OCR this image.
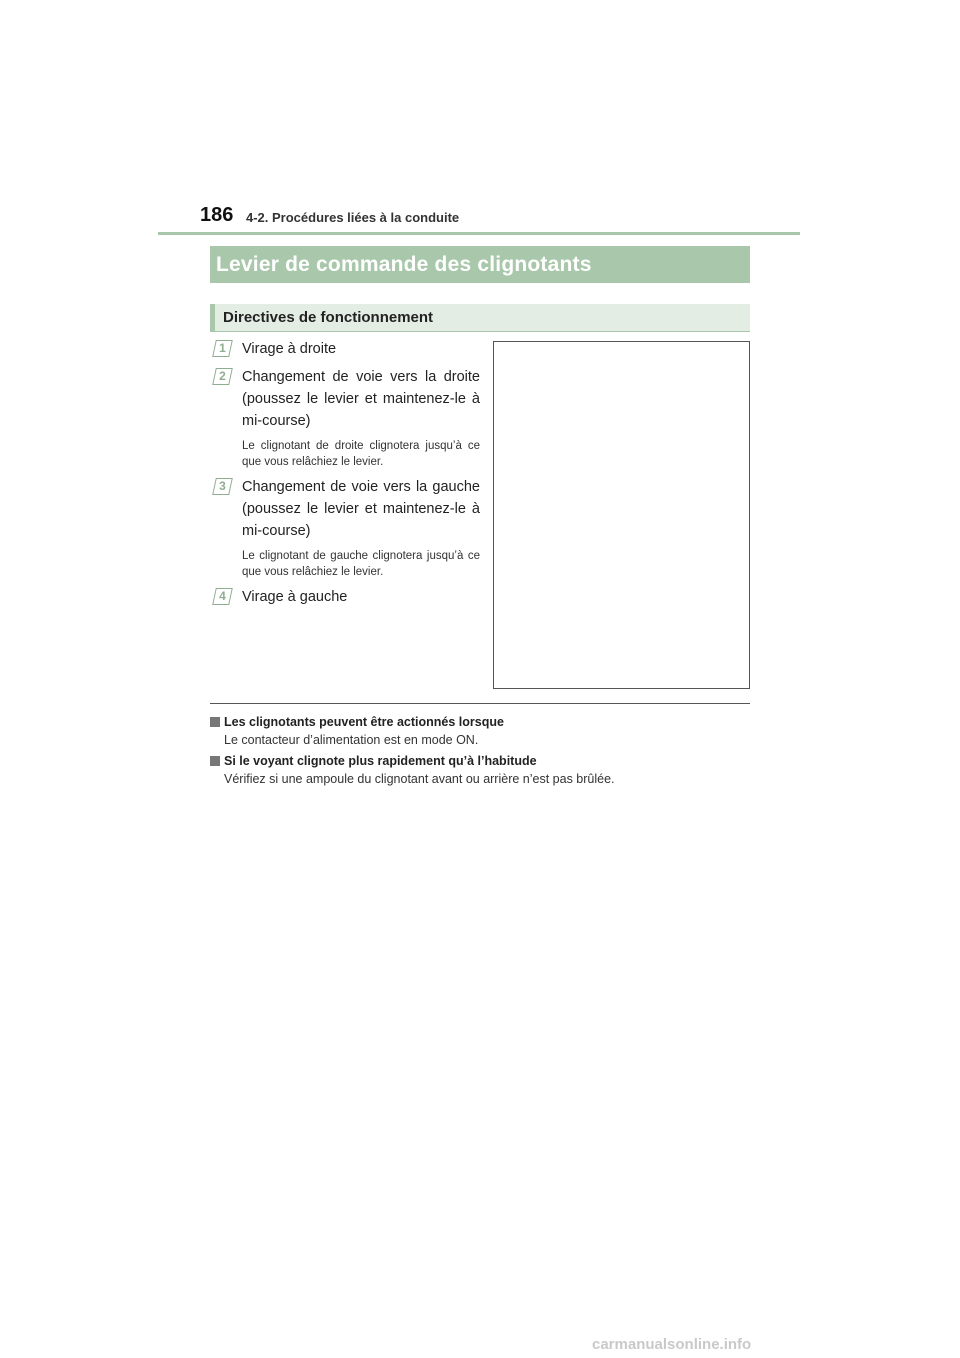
186 4-2. Procédures liées à la conduite
Levier de commande des clignotants
Directives de fonctionnement
1	Virage à droite
2	Changement de voie vers la droite (poussez le levier et maintenez-le à mi-course)
Le clignotant de droite clignotera jusqu’à ce que vous relâchiez le levier.
3	Changement de voie vers la gauche (poussez le levier et maintenez-le à mi-course)
Le clignotant de gauche clignotera jusqu’à ce que vous relâchiez le levier.
4	Virage à gauche
Les clignotants peuvent être actionnés lorsque
Le contacteur d’alimentation est en mode ON.
Si le voyant clignote plus rapidement qu’à l’habitude
Vérifiez si une ampoule du clignotant avant ou arrière n’est pas brûlée.
carmanualsonline.info
